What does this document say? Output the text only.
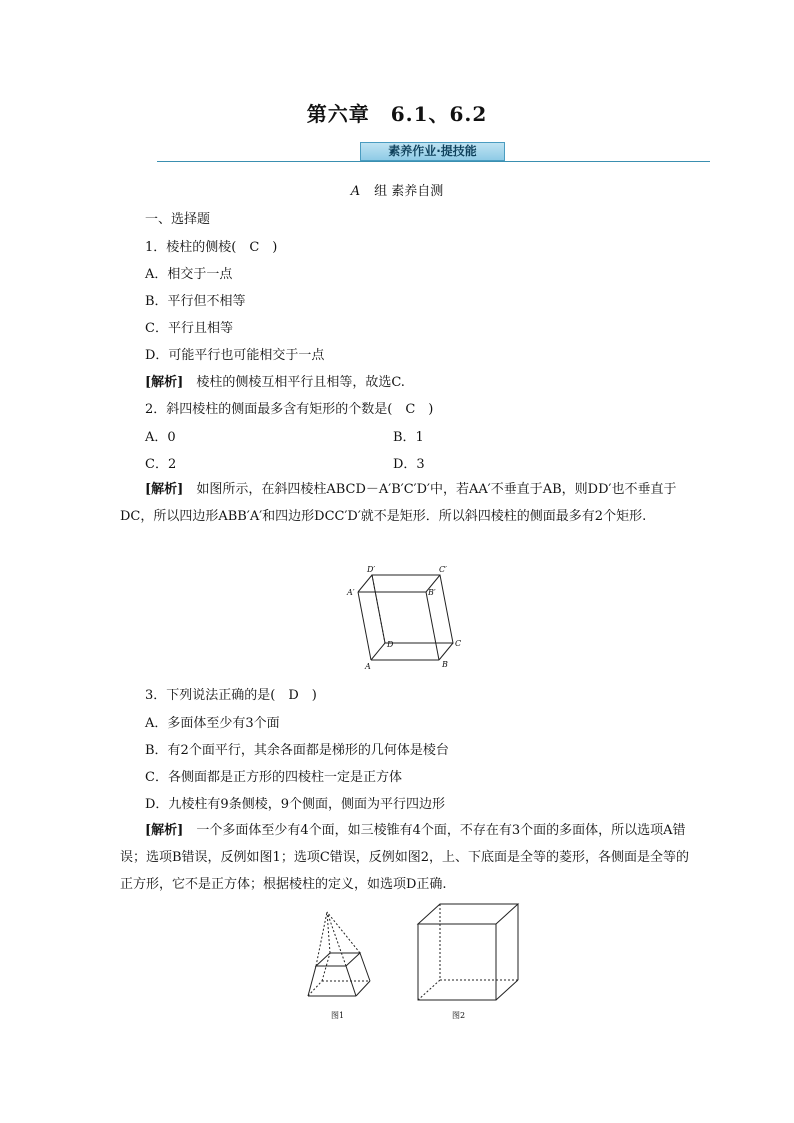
第六章　6.1、6.2
素养作业·提技能
A 组 素养自测
一、选择题
1．棱柱的侧棱(　C　)
A．相交于一点
B．平行但不相等
C．平行且相等
D．可能平行也可能相交于一点
[解析]　棱柱的侧棱互相平行且相等，故选C.
2．斜四棱柱的侧面最多含有矩形的个数是(　C　)
A．0	B．1
C．2	D．3
[解析]　如图所示，在斜四棱柱ABCD－A′B′C′D′中，若AA′不垂直于AB，则DD′也不垂直于DC，所以四边形ABB′A′和四边形DCC′D′就不是矩形．所以斜四棱柱的侧面最多有2个矩形.
D′	C′
A′	B′
D	C
A	B
3．下列说法正确的是(　D　)
A．多面体至少有3个面
B．有2个面平行，其余各面都是梯形的几何体是棱台
C．各侧面都是正方形的四棱柱一定是正方体
D．九棱柱有9条侧棱，9个侧面，侧面为平行四边形
[解析]　一个多面体至少有4个面，如三棱锥有4个面，不存在有3个面的多面体，所以选项A错误；选项B错误，反例如图1；选项C错误，反例如图2，上、下底面是全等的菱形，各侧面是全等的正方形，它不是正方体；根据棱柱的定义，如选项D正确.
图1	图2
